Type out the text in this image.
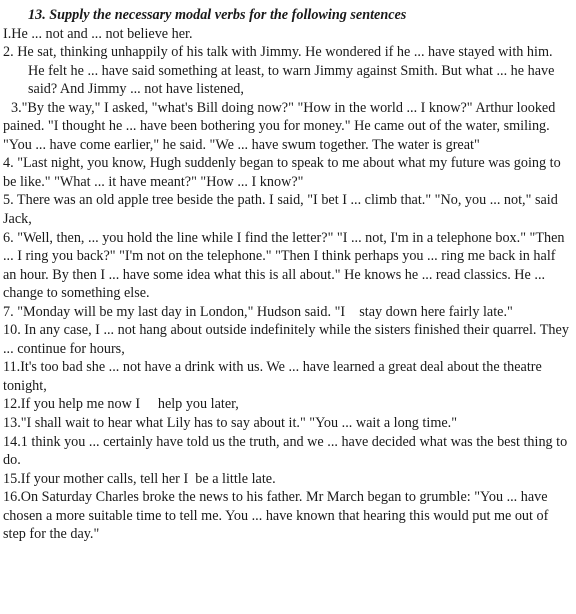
13. Supply the necessary modal verbs for the following sentences

I.He ... not and ... not believe her.

2. He sat, thinking unhappily of his talk with Jimmy. He wondered if he ... have stayed with him. He felt he ... have said something at least, to warn Jimmy against Smith. But what ... he have said? And Jimmy ... not have listened,

3."By the way," I asked, "what's Bill doing now?" "How in the world ... I know?" Arthur looked pained. "I thought he ... have been bothering you for money." He came out of the water, smiling. "You ... have come earlier," he said. "We ... have swum together. The water is great"

4. "Last night, you know, Hugh suddenly began to speak to me about what my future was going to be like." "What ... it have meant?" "How ... I know?"

5. There was an old apple tree beside the path. I said, "I bet I ... climb that." "No, you ... not," said Jack,

6. "Well, then, ... you hold the line while I find the letter?" "I ... not, I'm in a telephone box." "Then ... I ring you back?" "I'm not on the telephone." "Then I think perhaps you ... ring me back in half an hour. By then I ... have some idea what this is all about." He knows he ... read classics. He ... change to something else.

7. "Monday will be my last day in London," Hudson said. "I    stay down here fairly late."

10. In any case, I ... not hang about outside indefinitely while the sisters finished their quarrel. They ... continue for hours,

11.It's too bad she ... not have a drink with us. We ... have learned a great deal about the theatre tonight,

12.If you help me now I     help you later,

13."I shall wait to hear what Lily has to say about it." "You ... wait a long time."

14.1 think you ... certainly have told us the truth, and we ... have decided what was the best thing to do.

15.If your mother calls, tell her I  be a little late.

16.On Saturday Charles broke the news to his father. Mr March began to grumble: "You ... have chosen a more suitable time to tell me. You ... have known that hearing this would put me out of step for the day."
